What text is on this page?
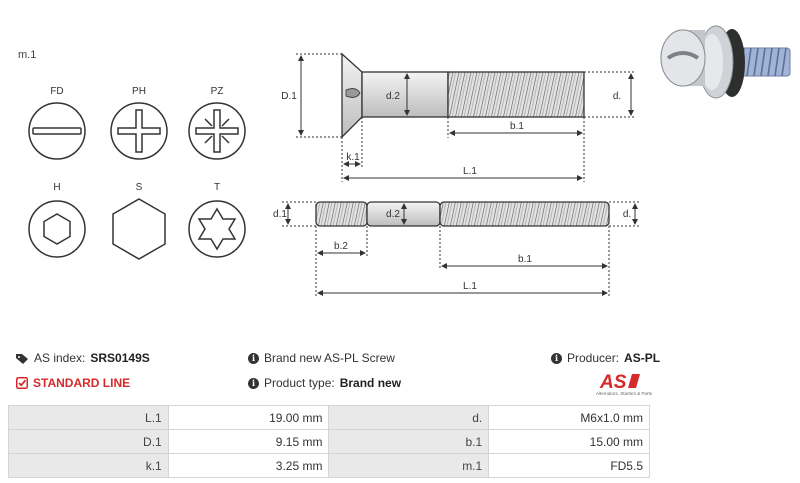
m.1
FD	PH	PZ
H	S	T
D.1	d.2	d.
b.1
k.1
L.1
d.1	d.2	d.
b.2
b.1
L.1
AS index: SRS0149S
STANDARD LINE
i Brand new AS-PL Screw
i Product type: Brand new
i Producer: AS-PL
AS
Alternators, Starters & Parts
L.1	19.00 mm	d.	M6x1.0 mm
D.1	9.15 mm	b.1	15.00 mm
k.1	3.25 mm	m.1	FD5.5
